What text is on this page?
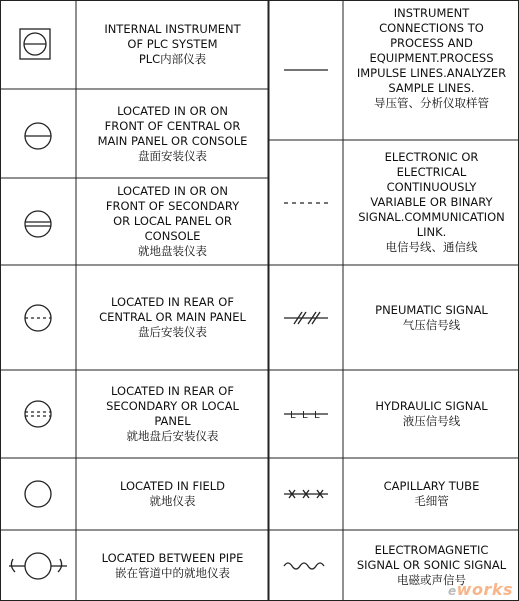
INTERNAL INSTRUMENT
OF PLC SYSTEM
PLC内部仪表
LOCATED IN OR ON
FRONT OF CENTRAL OR
MAIN PANEL OR CONSOLE
盘面安装仪表
LOCATED IN OR ON
FRONT OF SECONDARY
OR LOCAL PANEL OR
CONSOLE
就地盘装仪表
LOCATED IN REAR OF
CENTRAL OR MAIN PANEL
盘后安装仪表
LOCATED IN REAR OF
SECONDARY OR LOCAL
PANEL
就地盘后安装仪表
LOCATED IN FIELD
就地仪表
LOCATED BETWEEN PIPE
嵌在管道中的就地仪表
L L L
INSTRUMENT
CONNECTIONS TO
PROCESS AND
EQUIPMENT.PROCESS
IMPULSE LINES.ANALYZER
SAMPLE LINES.
导压管、分析仪取样管
ELECTRONIC OR
ELECTRICAL
CONTINUOUSLY
VARIABLE OR BINARY
SIGNAL.COMMUNICATION
LINK.
电信号线、通信线
PNEUMATIC SIGNAL
气压信号线
HYDRAULIC SIGNAL
液压信号线
CAPILLARY TUBE
毛细管
ELECTROMAGNETIC
SIGNAL OR SONIC SIGNAL
电磁或声信号
eworks
